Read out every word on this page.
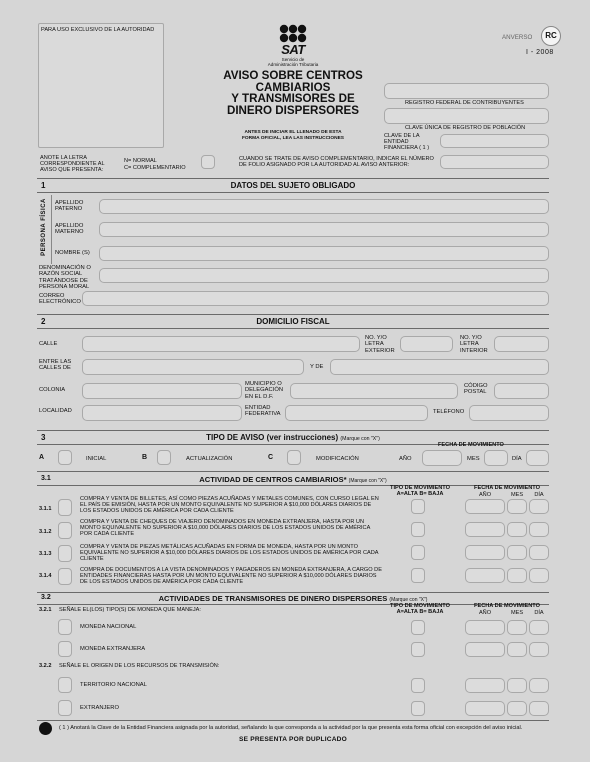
PARA USO EXCLUSIVO DE LA AUTORIDAD
SAT
Servicio de
Administración Tributaria
ANVERSO	RC
I - 2008
AVISO SOBRE CENTROS
CAMBIARIOS
Y TRANSMISORES DE
DINERO DISPERSORES
ANTES DE INICIAR EL LLENADO DE ESTA
FORMA OFICIAL, LEA LAS INSTRUCCIONES
REGISTRO FEDERAL DE CONTRIBUYENTES
CLAVE ÚNICA DE REGISTRO DE POBLACIÓN
CLAVE DE LA ENTIDAD FINANCIERA ( 1 )
ANOTE LA LETRA CORRESPONDIENTE AL AVISO QUE PRESENTA:
N= NORMAL
C= COMPLEMENTARIO
CUANDO SE TRATE DE AVISO COMPLEMENTARIO, INDICAR EL NÚMERO DE FOLIO ASIGNADO POR LA AUTORIDAD AL AVISO ANTERIOR:
1	DATOS DEL SUJETO OBLIGADO
PERSONA FÍSICA APELLIDO PATERNO
APELLIDO MATERNO
NOMBRE (S)
DENOMINACIÓN O RAZÓN SOCIAL TRATÁNDOSE DE PERSONA MORAL
CORREO ELECTRÓNICO
2	DOMICILIO FISCAL
CALLE
NO. Y/O LETRA EXTERIOR
NO. Y/O LETRA INTERIOR
ENTRE LAS CALLES DE	Y DE
COLONIA
MUNICIPIO O DELEGACIÓN EN EL D.F.
CÓDIGO POSTAL
LOCALIDAD	ENTIDAD FEDERATIVA	TELÉFONO
3	TIPO DE AVISO (ver instrucciones) (Marque con "X")
FECHA DE MOVIMIENTO
A	INICIAL	B	ACTUALIZACIÓN	C	MODIFICACIÓN	AÑO	MES	DÍA
3.1	ACTIVIDAD DE CENTROS CAMBIARIOS* (Marque con "X")
TIPO DE MOVIMIENTO
A=ALTA B= BAJA
FECHA DE MOVIMIENTO
AÑO	MES	DÍA
3.1.1
COMPRA Y VENTA DE BILLETES, ASÍ COMO PIEZAS ACUÑADAS Y METALES COMUNES, CON CURSO LEGAL EN EL PAÍS DE EMISIÓN, HASTA POR UN MONTO EQUIVALENTE NO SUPERIOR A $10,000 DÓLARES DIARIOS DE LOS ESTADOS UNIDOS DE AMÉRICA POR CADA CLIENTE
3.1.2
COMPRA Y VENTA DE CHEQUES DE VIAJERO DENOMINADOS EN MONEDA EXTRANJERA, HASTA POR UN MONTO EQUIVALENTE NO SUPERIOR A $10,000 DÓLARES DIARIOS DE LOS ESTADOS UNIDOS DE AMÉRICA POR CADA CLIENTE
3.1.3
COMPRA Y VENTA DE PIEZAS METÁLICAS ACUÑADAS EN FORMA DE MONEDA, HASTA POR UN MONTO EQUIVALENTE NO SUPERIOR A $10,000 DÓLARES DIARIOS DE LOS ESTADOS UNIDOS DE AMÉRICA POR CADA CLIENTE
3.1.4
COMPRA DE DOCUMENTOS A LA VISTA DENOMINADOS Y PAGADEROS EN MONEDA EXTRANJERA, A CARGO DE ENTIDADES FINANCIERAS HASTA POR UN MONTO EQUIVALENTE NO SUPERIOR A $10,000 DÓLARES DIARIOS DE LOS ESTADOS UNIDOS DE AMÉRICA POR CADA CLIENTE
3.2	ACTIVIDADES DE TRANSMISORES DE DINERO DISPERSORES (Marque con "X")
TIPO DE MOVIMIENTO
A=ALTA B= BAJA
FECHA DE MOVIMIENTO
AÑO	MES	DÍA
3.2.1 SEÑALE EL(LOS) TIPO(S) DE MONEDA QUE MANEJA:
MONEDA NACIONAL
MONEDA EXTRANJERA
3.2.2 SEÑALE EL ORIGEN DE LOS RECURSOS DE TRANSMISIÓN:
TERRITORIO NACIONAL
EXTRANJERO
( 1 ) Anotará la Clave de la Entidad Financiera asignada por la autoridad, señalando la que corresponda a la actividad por la que presenta esta forma oficial con excepción del aviso inicial.
SE PRESENTA POR DUPLICADO
